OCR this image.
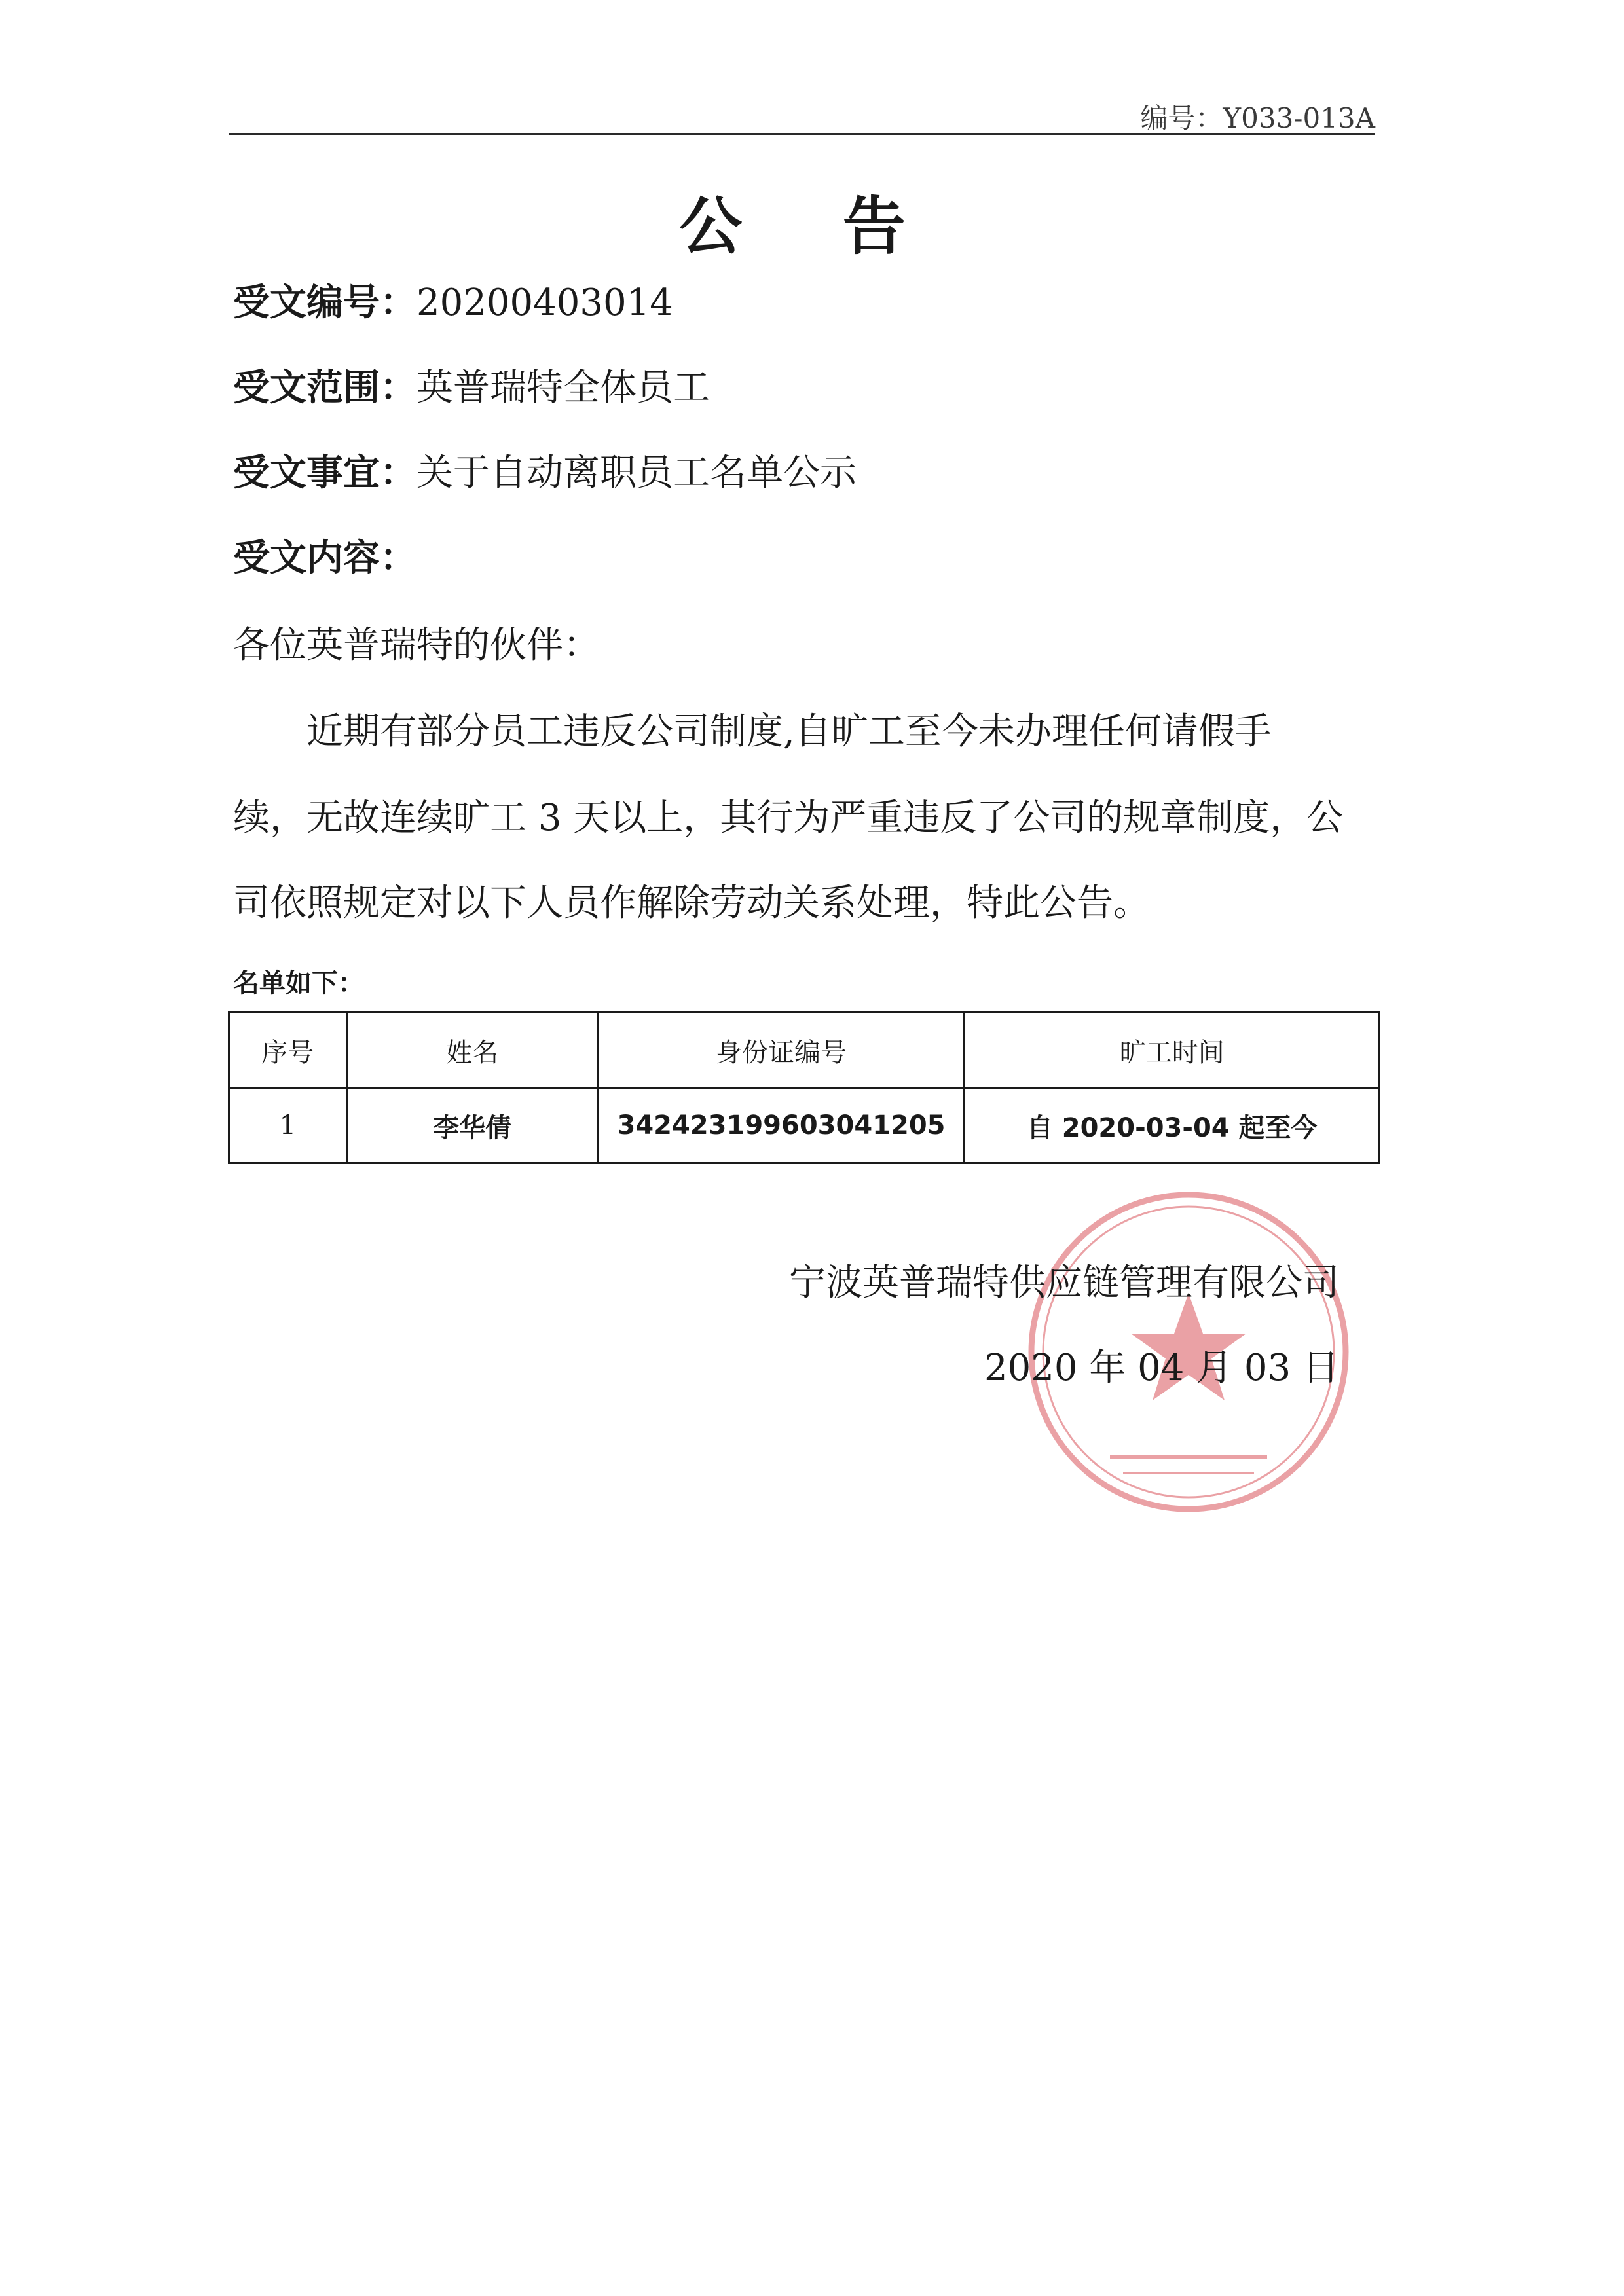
编号：Y033-013A
公 告
受文编号：20200403014
受文范围：英普瑞特全体员工
受文事宜：关于自动离职员工名单公示
受文内容：
各位英普瑞特的伙伴：
　　近期有部分员工违反公司制度,自旷工至今未办理任何请假手
续，无故连续旷工 3 天以上，其行为严重违反了公司的规章制度，公
司依照规定对以下人员作解除劳动关系处理，特此公告。
名单如下：
序号	姓名	身份证编号	旷工时间
1	李华倩	342423199603041205	自 2020-03-04 起至今
宁波英普瑞特供应链管理有限公司
2020 年 04 月 03 日
